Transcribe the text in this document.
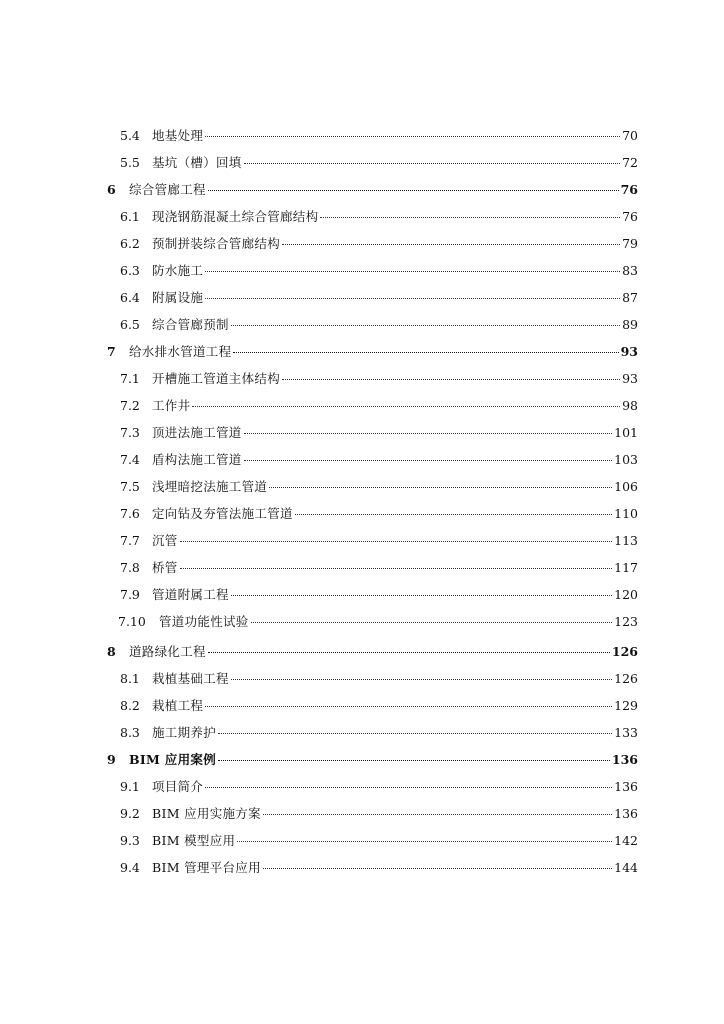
5.4 地基处理	70
5.5 基坑（槽）回填	72
6	综合管廊工程	76
6.1 现浇钢筋混凝土综合管廊结构	76
6.2 预制拼装综合管廊结构	79
6.3 防水施工	83
6.4 附属设施	87
6.5 综合管廊预制	89
7	给水排水管道工程	93
7.1 开槽施工管道主体结构	93
7.2 工作井	98
7.3 顶进法施工管道	101
7.4 盾构法施工管道	103
7.5 浅埋暗挖法施工管道	106
7.6 定向钻及夯管法施工管道	110
7.7 沉管	113
7.8 桥管	117
7.9 管道附属工程	120
7.10	管道功能性试验	123
8	道路绿化工程	126
8.1 栽植基础工程	126
8.2 栽植工程	129
8.3 施工期养护	133
9	BIM 应用案例	136
9.1 项目简介	136
9.2 BIM 应用实施方案	136
9.3 BIM 模型应用	142
9.4 BIM 管理平台应用	144
